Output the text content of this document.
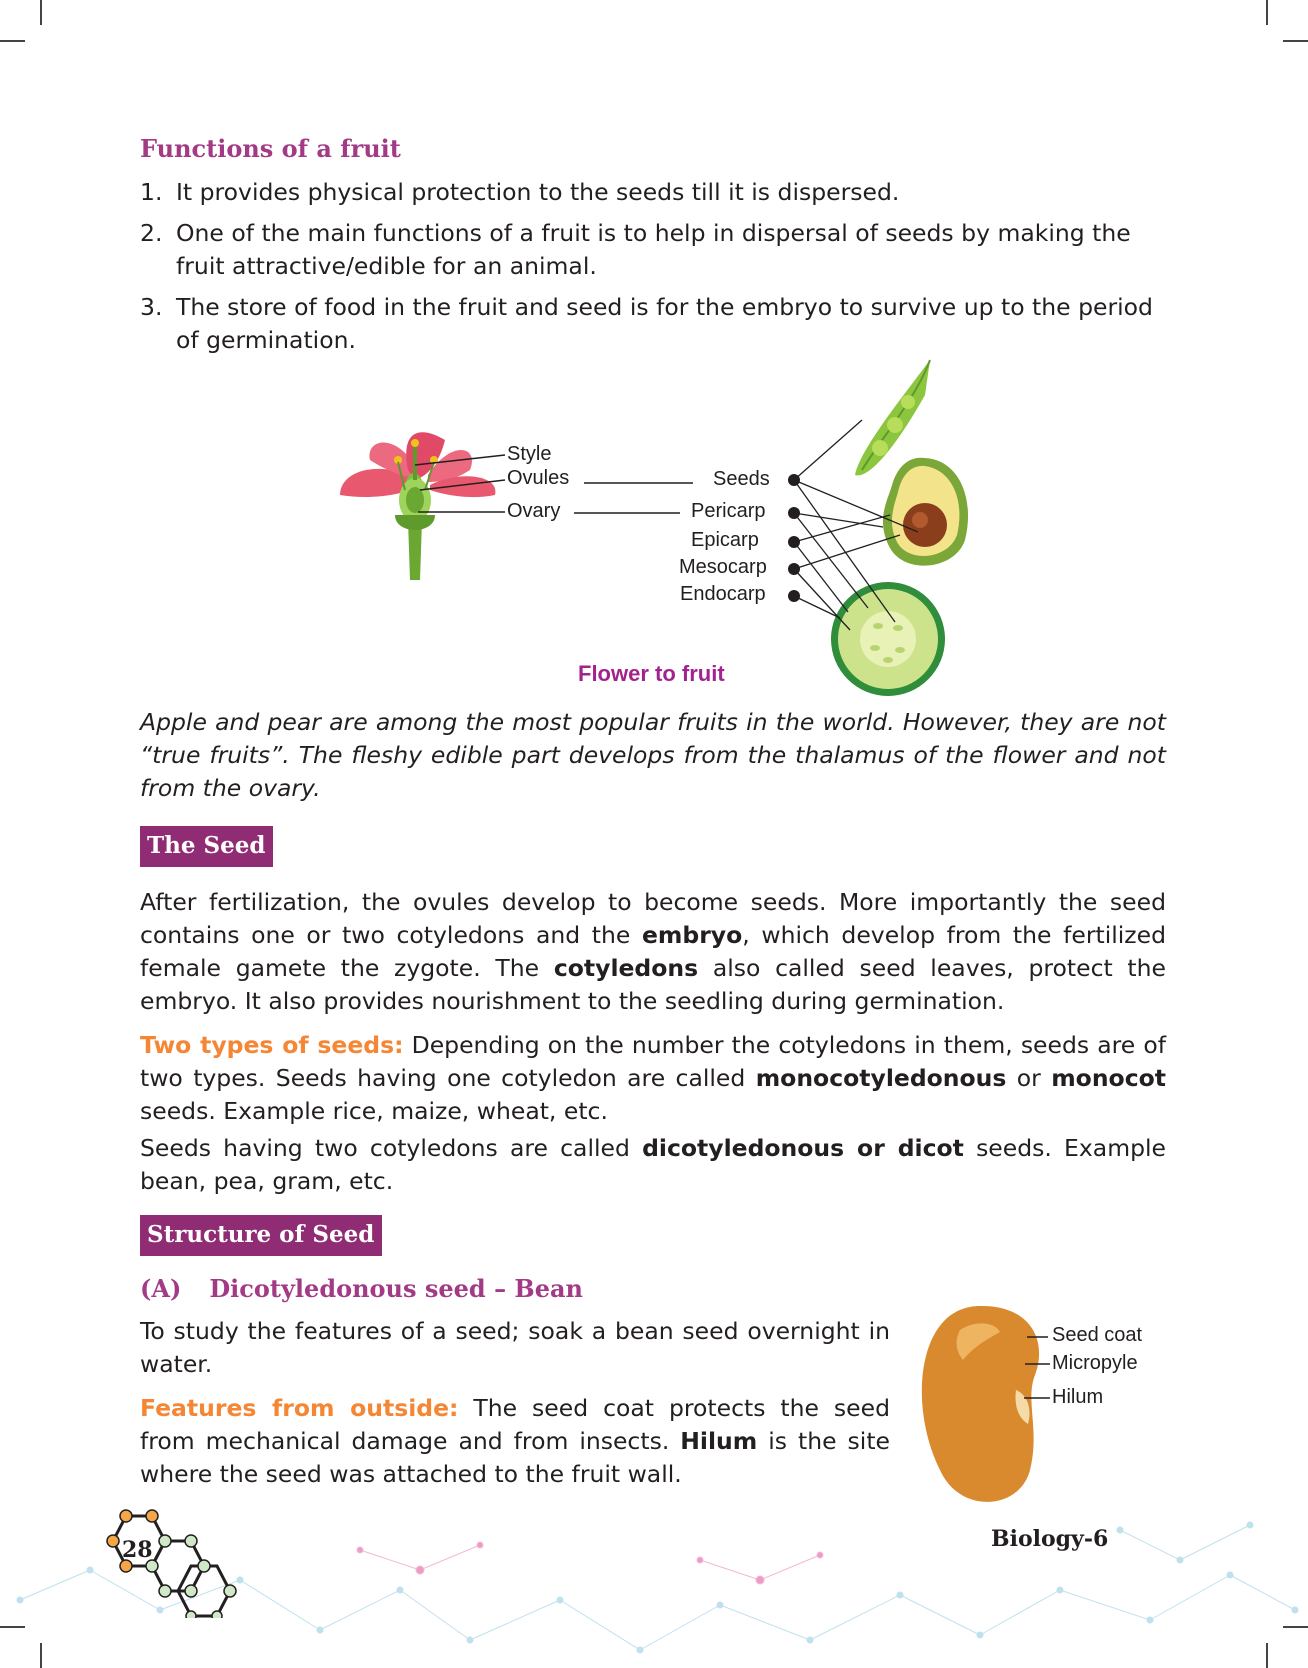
Functions of a fruit
1. It provides physical protection to the seeds till it is dispersed.
2. One of the main functions of a fruit is to help in dispersal of seeds by making the fruit attractive/edible for an animal.
3. The store of food in the fruit and seed is for the embryo to survive up to the period of germination.
Style
Ovules
Ovary
Seeds
Pericarp
Epicarp
Mesocarp
Endocarp
Flower to fruit
Apple and pear are among the most popular fruits in the world. However, they are not “true fruits”. The fleshy edible part develops from the thalamus of the flower and not from the ovary.
The Seed
After fertilization, the ovules develop to become seeds. More importantly the seed contains one or two cotyledons and the embryo, which develop from the fertilized female gamete the zygote. The cotyledons also called seed leaves, protect the embryo. It also provides nourishment to the seedling during germination.
Two types of seeds: Depending on the number the cotyledons in them, seeds are of two types. Seeds having one cotyledon are called monocotyledonous or monocot seeds. Example rice, maize, wheat, etc.
Seeds having two cotyledons are called dicotyledonous or dicot seeds. Example bean, pea, gram, etc.
Structure of Seed
(A) Dicotyledonous seed – Bean
To study the features of a seed; soak a bean seed overnight in water.
Features from outside: The seed coat protects the seed from mechanical damage and from insects. Hilum is the site where the seed was attached to the fruit wall.
Seed coat
Micropyle
Hilum
28	Biology-6
